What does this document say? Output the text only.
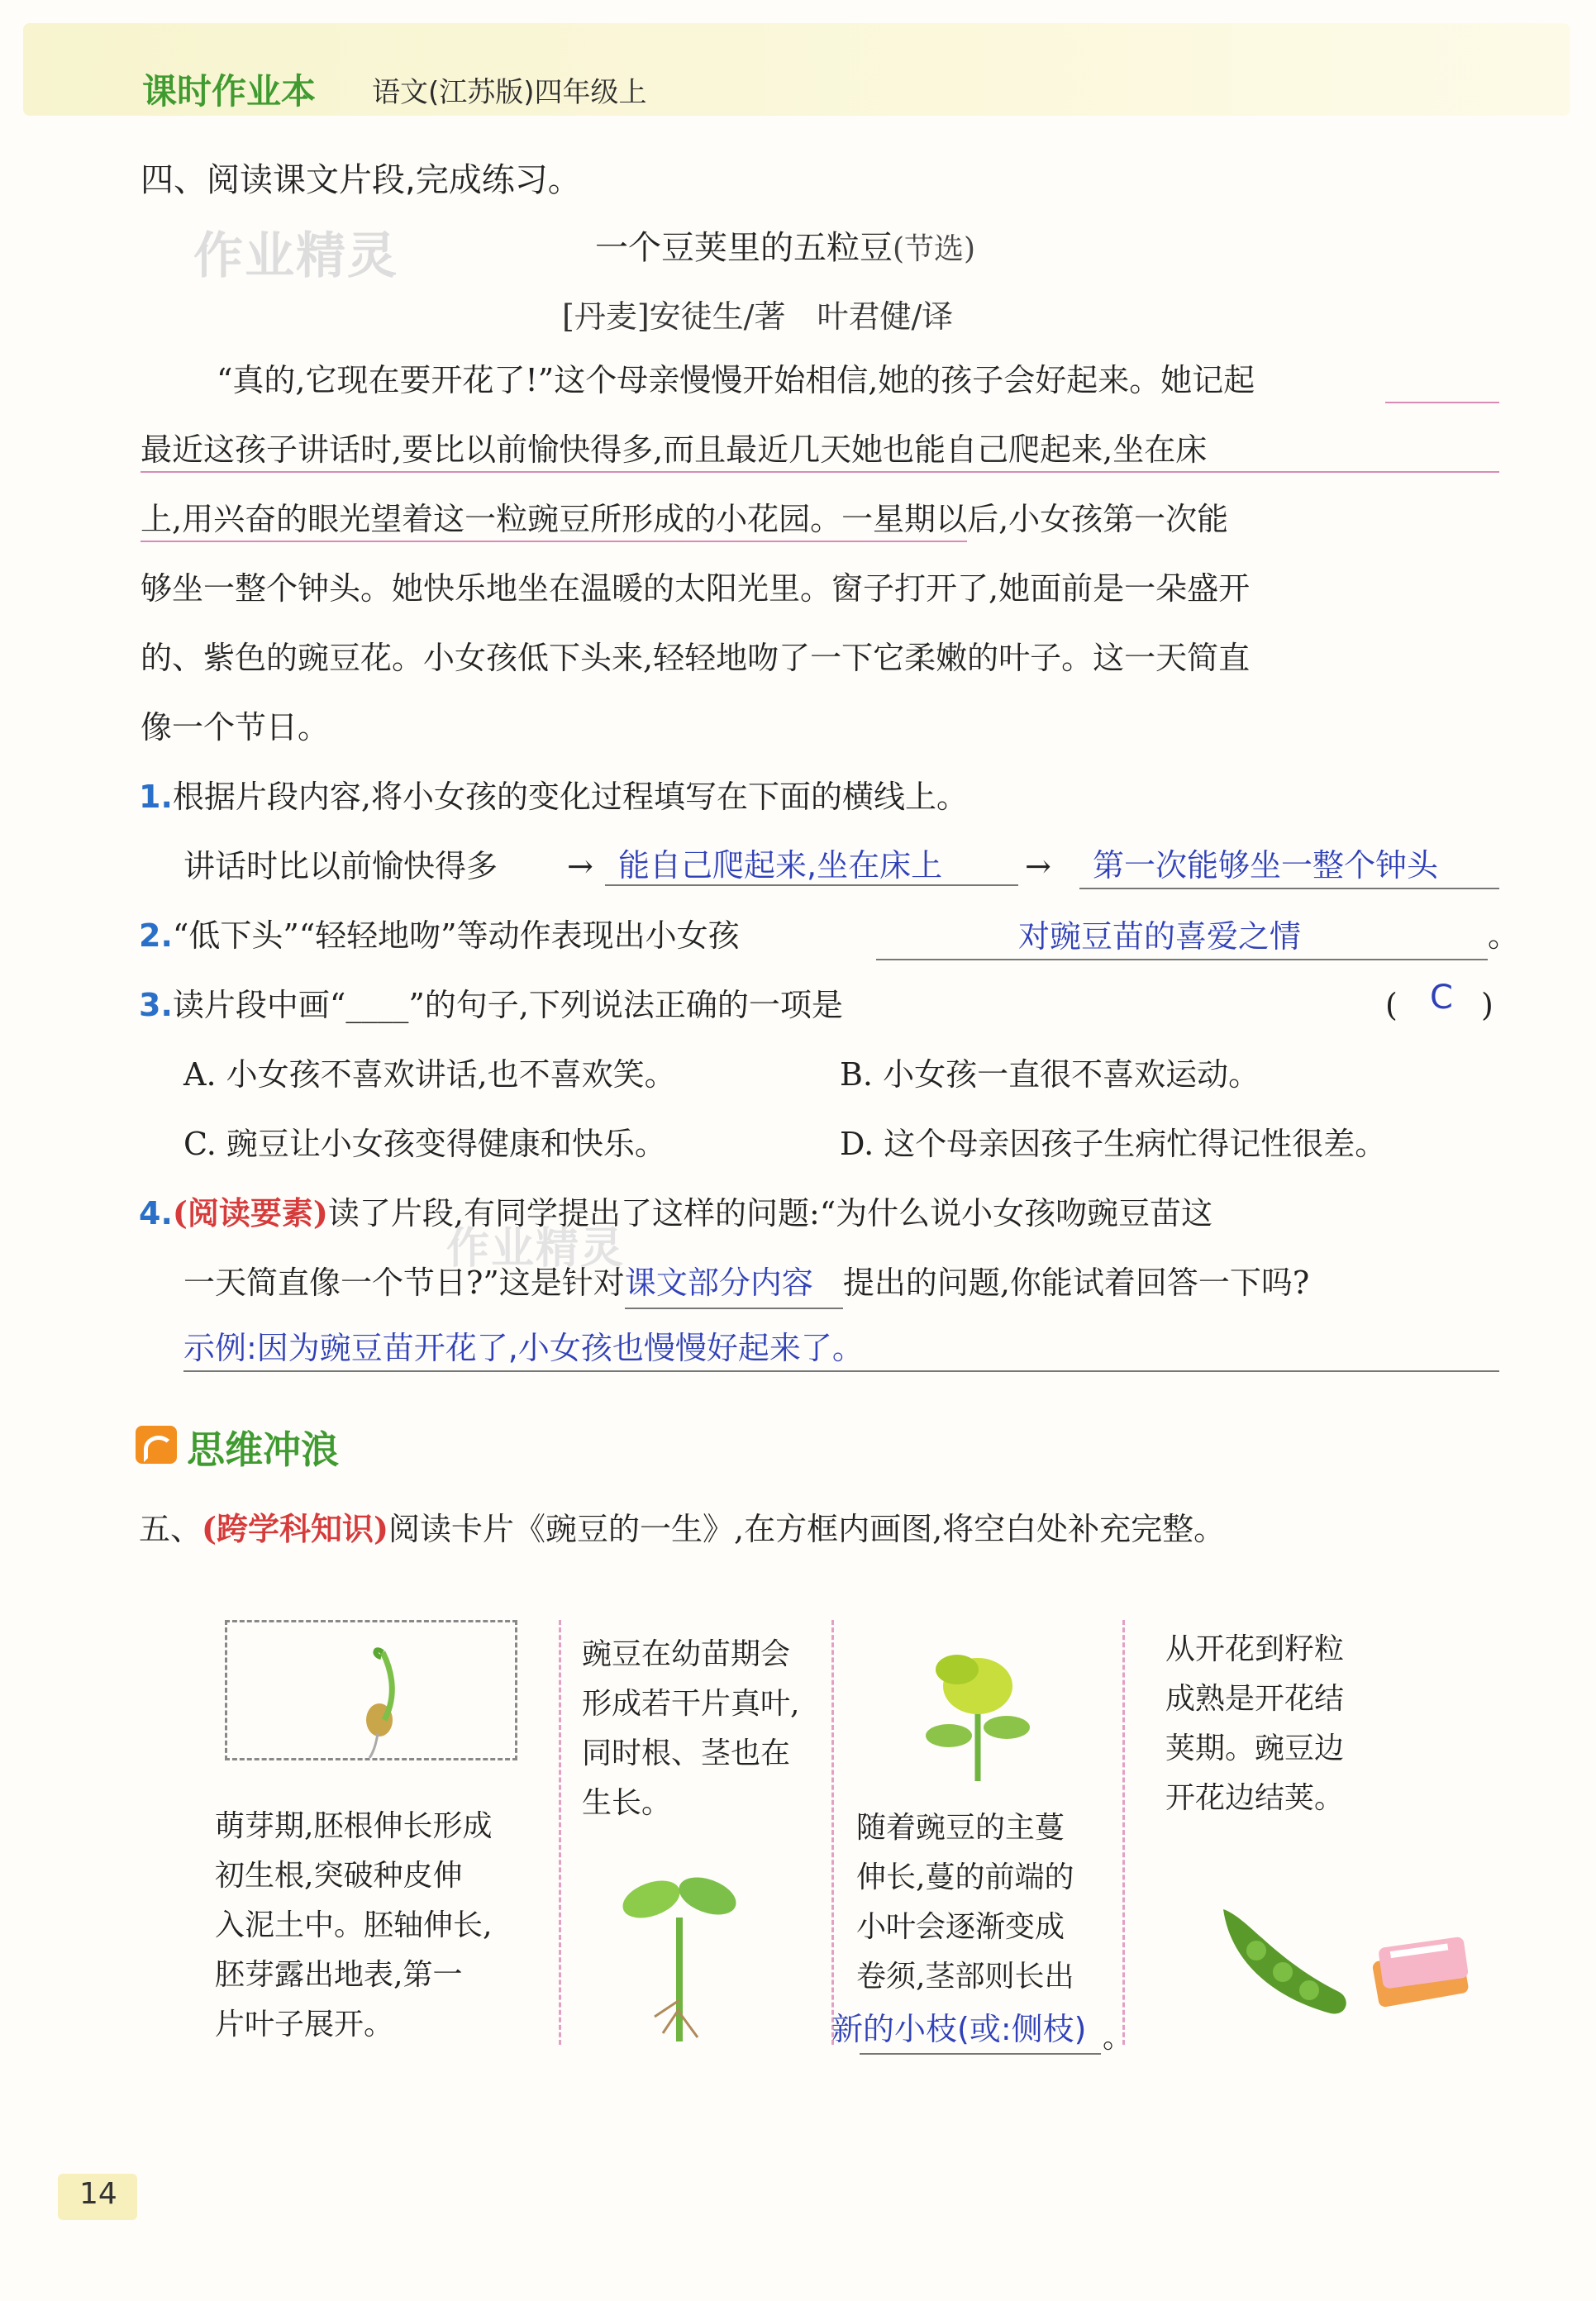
课时作业本 语文(江苏版)四年级上
四、阅读课文片段,完成练习。
作业精灵	一个豆荚里的五粒豆(节选)
[丹麦]安徒生/著　叶君健/译
“真的,它现在要开花了!”这个母亲慢慢开始相信,她的孩子会好起来。她记起
最近这孩子讲话时,要比以前愉快得多,而且最近几天她也能自己爬起来,坐在床
上,用兴奋的眼光望着这一粒豌豆所形成的小花园。一星期以后,小女孩第一次能
够坐一整个钟头。她快乐地坐在温暖的太阳光里。窗子打开了,她面前是一朵盛开
的、紫色的豌豆花。小女孩低下头来,轻轻地吻了一下它柔嫩的叶子。这一天简直
像一个节日。
1.根据片段内容,将小女孩的变化过程填写在下面的横线上。
讲话时比以前愉快得多 → 能自己爬起来,坐在床上	→ 第一次能够坐一整个钟头
2.“低下头”“轻轻地吻”等动作表现出小女孩	对豌豆苗的喜爱之情	。
3.读片段中画“____”的句子,下列说法正确的一项是	( C )
A. 小女孩不喜欢讲话,也不喜欢笑。	B. 小女孩一直很不喜欢运动。
C. 豌豆让小女孩变得健康和快乐。	D. 这个母亲因孩子生病忙得记性很差。
4.(阅读要素)读了片段,有同学提出了这样的问题:“为什么说小女孩吻豌豆苗这
作业精灵
一天简直像一个节日?”这是针对课文部分内容 提出的问题,你能试着回答一下吗?
示例:因为豌豆苗开花了,小女孩也慢慢好起来了。
思维冲浪
五、(跨学科知识)阅读卡片《豌豆的一生》,在方框内画图,将空白处补充完整。
萌芽期,胚根伸长形成
初生根,突破种皮伸
入泥土中。胚轴伸长,
胚芽露出地表,第一
片叶子展开。
豌豆在幼苗期会
形成若干片真叶,
同时根、茎也在
生长。
随着豌豆的主蔓
伸长,蔓的前端的
小叶会逐渐变成
卷须,茎部则长出
新的小枝(或:侧枝) 。
从开花到籽粒
成熟是开花结
荚期。豌豆边
开花边结荚。
14
